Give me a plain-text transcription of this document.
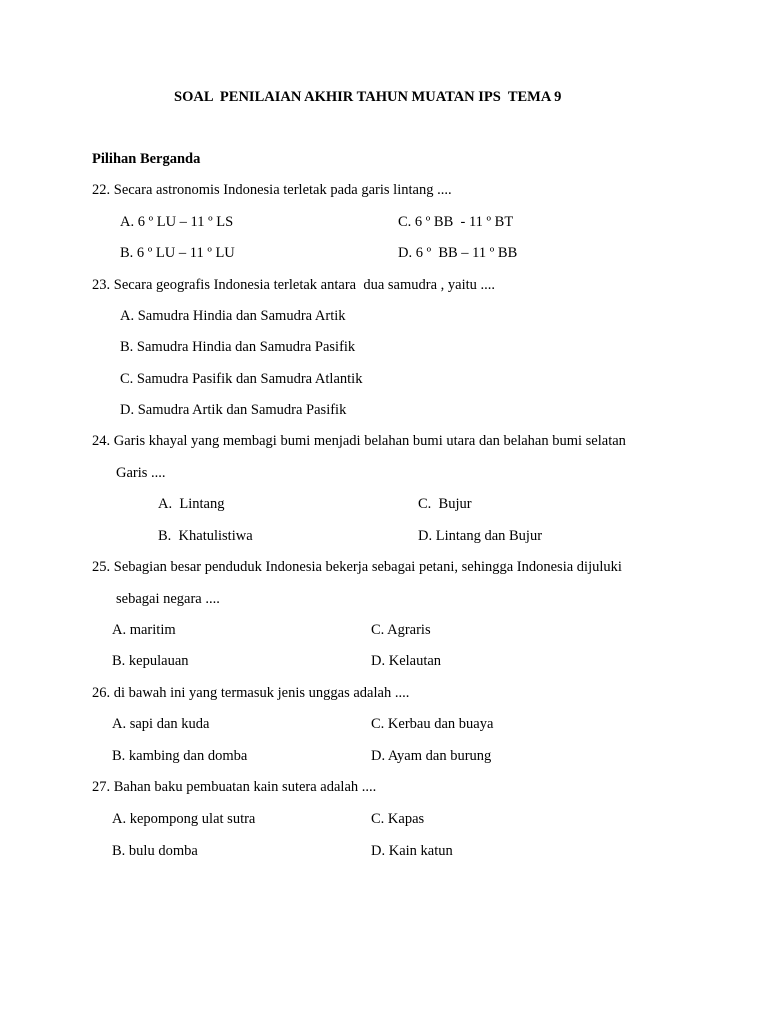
SOAL  PENILAIAN AKHIR TAHUN MUATAN IPS  TEMA 9
Pilihan Berganda
22. Secara astronomis Indonesia terletak pada garis lintang ....
A. 6 º LU – 11 º LS	C. 6 º BB  - 11 º BT
B. 6 º LU – 11 º LU	D. 6 º  BB – 11 º BB
23. Secara geografis Indonesia terletak antara  dua samudra , yaitu ....
A. Samudra Hindia dan Samudra Artik
B. Samudra Hindia dan Samudra Pasifik
C. Samudra Pasifik dan Samudra Atlantik
D. Samudra Artik dan Samudra Pasifik
24. Garis khayal yang membagi bumi menjadi belahan bumi utara dan belahan bumi selatan
Garis ....
A.  Lintang	C.  Bujur
B.  Khatulistiwa	D. Lintang dan Bujur
25. Sebagian besar penduduk Indonesia bekerja sebagai petani, sehingga Indonesia dijuluki
sebagai negara ....
A. maritim	C. Agraris
B. kepulauan	D. Kelautan
26. di bawah ini yang termasuk jenis unggas adalah ....
A. sapi dan kuda	C. Kerbau dan buaya
B. kambing dan domba	D. Ayam dan burung
27. Bahan baku pembuatan kain sutera adalah ....
A. kepompong ulat sutra	C. Kapas
B. bulu domba	D. Kain katun
